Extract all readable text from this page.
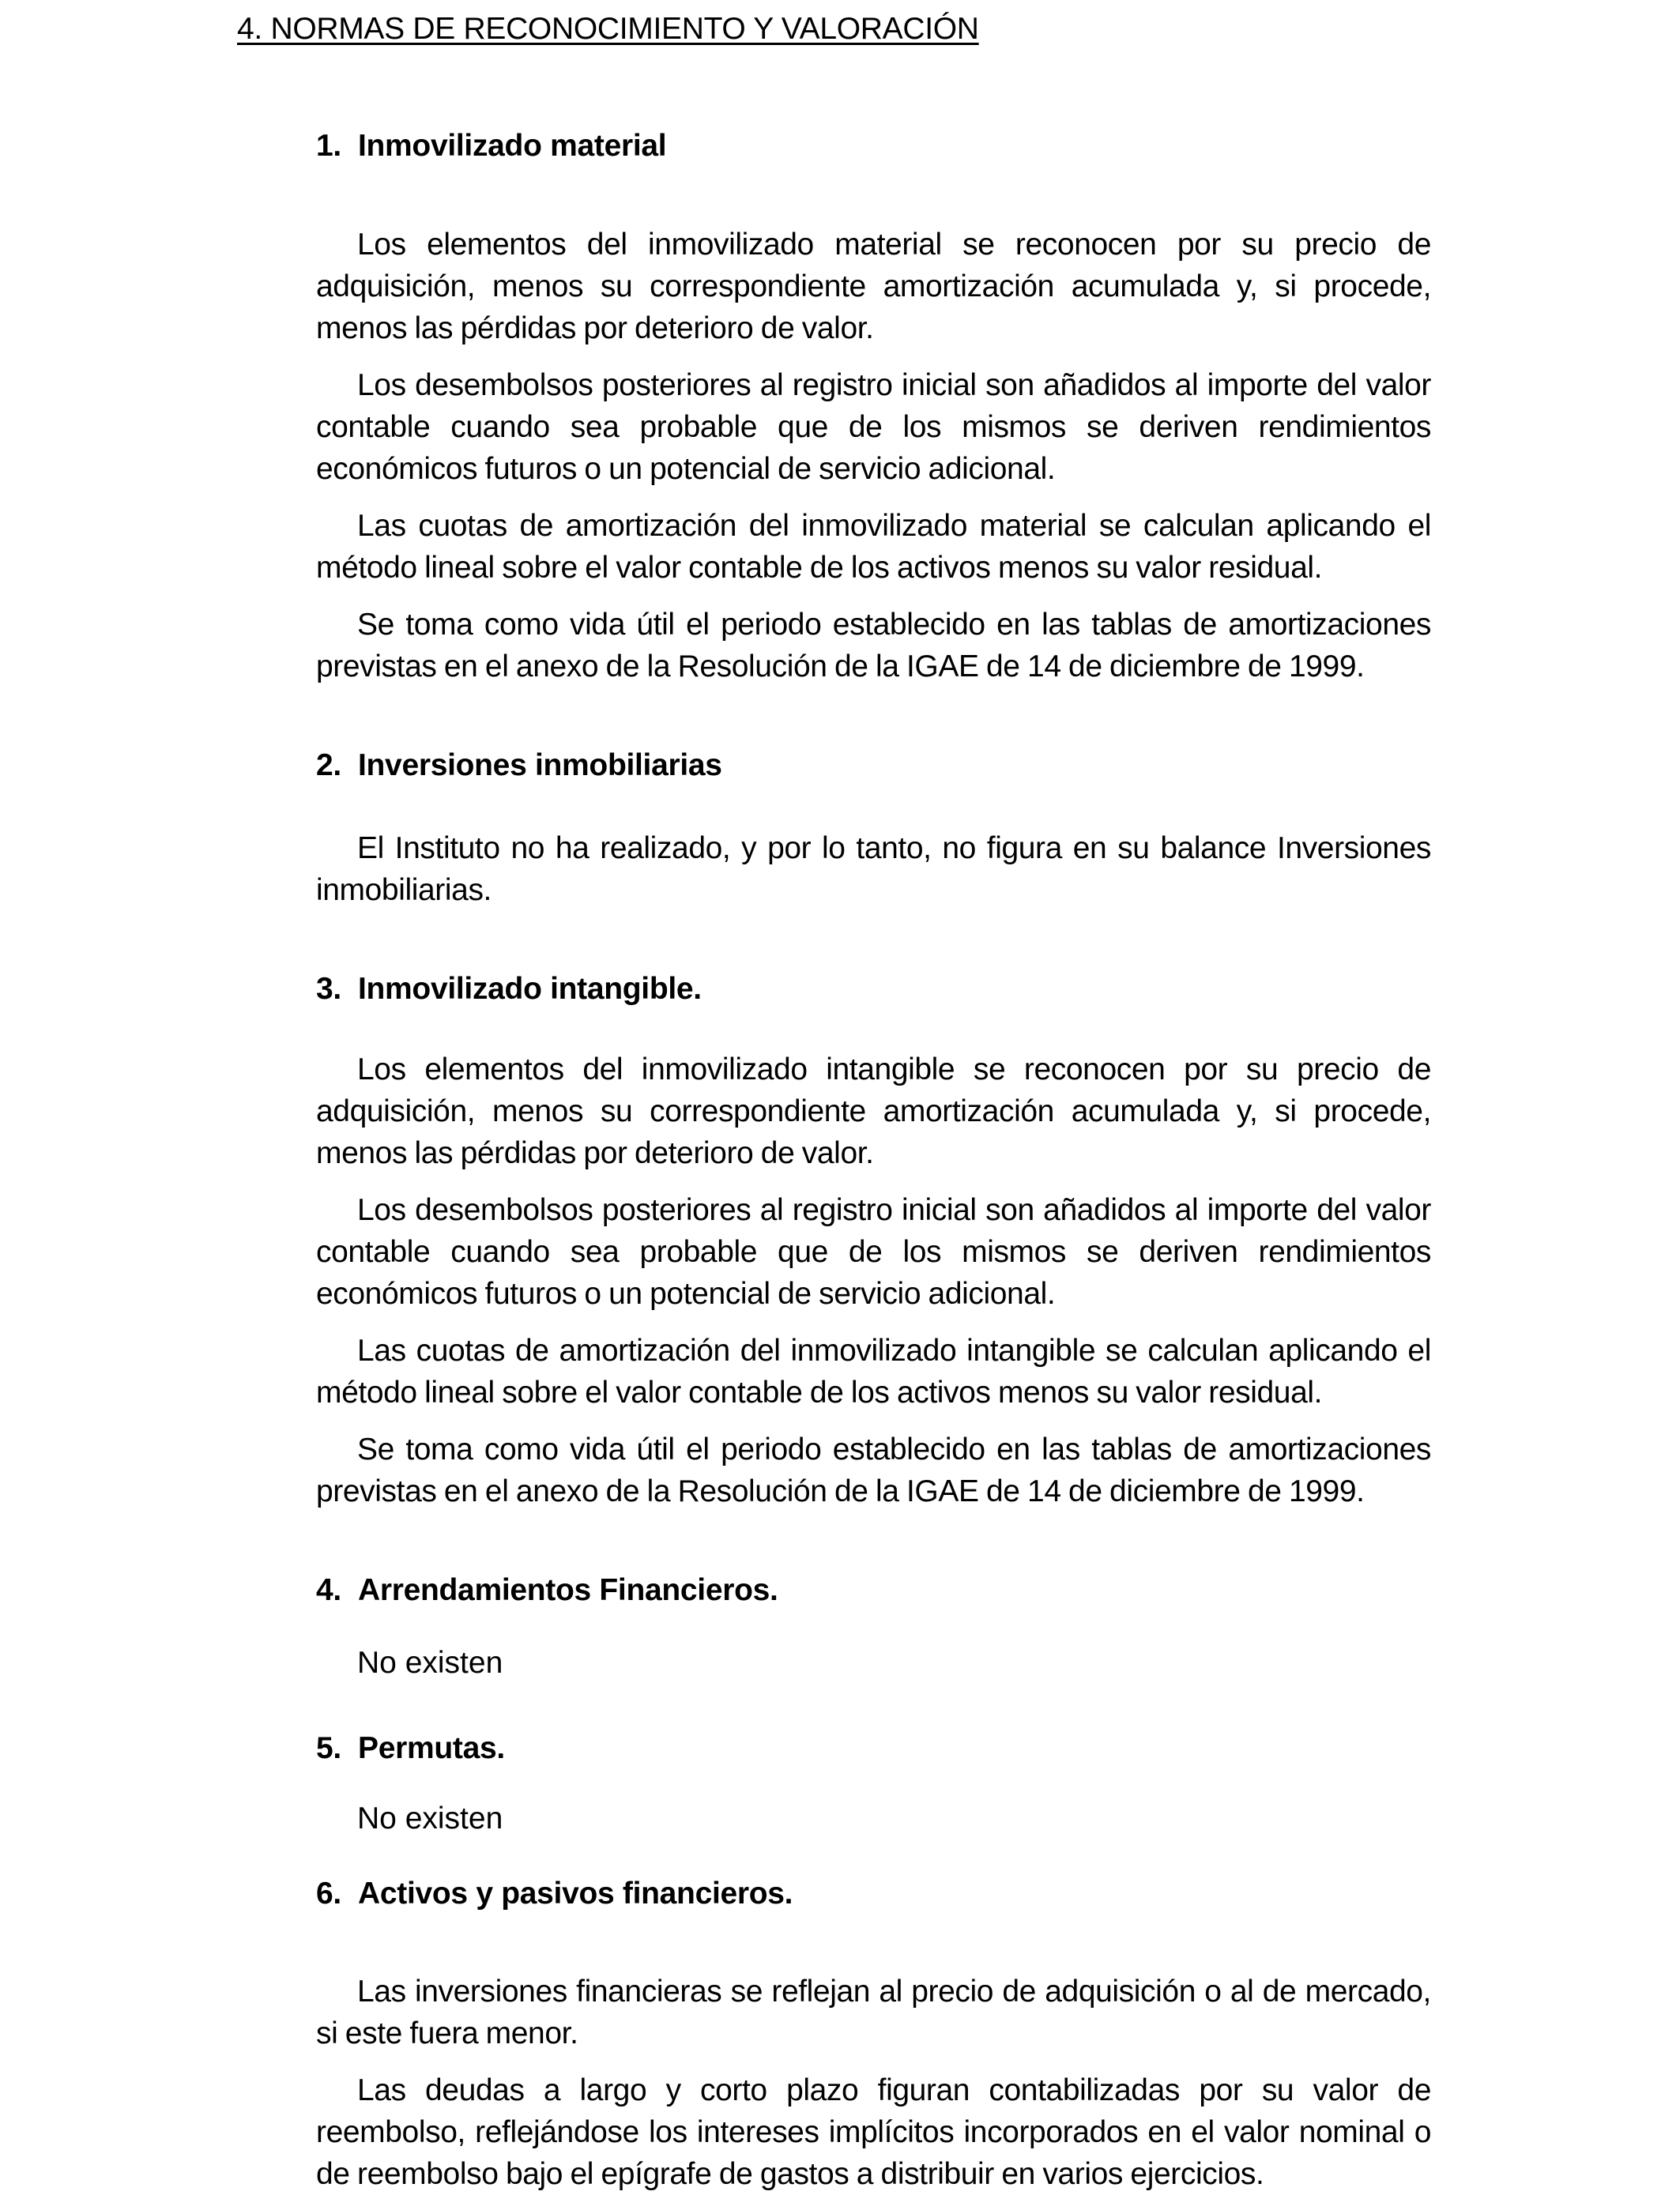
4. NORMAS DE RECONOCIMIENTO Y VALORACIÓN
1. Inmovilizado material

Los elementos del inmovilizado material se reconocen por su precio de adquisición, menos su correspondiente amortización acumulada y, si procede, menos las pérdidas por deterioro de valor.

Los desembolsos posteriores al registro inicial son añadidos al importe del valor contable cuando sea probable que de los mismos se deriven rendimientos económicos futuros o un potencial de servicio adicional.

Las cuotas de amortización del inmovilizado material se calculan aplicando el método lineal sobre el valor contable de los activos menos su valor residual.

Se toma como vida útil el periodo establecido en las tablas de amortizaciones previstas en el anexo de la Resolución de la IGAE de 14 de diciembre de 1999.

2. Inversiones inmobiliarias

El Instituto no ha realizado, y por lo tanto, no figura en su balance Inversiones inmobiliarias.

3. Inmovilizado intangible.

Los elementos del inmovilizado intangible se reconocen por su precio de adquisición, menos su correspondiente amortización acumulada y, si procede, menos las pérdidas por deterioro de valor.

Los desembolsos posteriores al registro inicial son añadidos al importe del valor contable cuando sea probable que de los mismos se deriven rendimientos económicos futuros o un potencial de servicio adicional.

Las cuotas de amortización del inmovilizado intangible se calculan aplicando el método lineal sobre el valor contable de los activos menos su valor residual.

Se toma como vida útil el periodo establecido en las tablas de amortizaciones previstas en el anexo de la Resolución de la IGAE de 14 de diciembre de 1999.

4. Arrendamientos Financieros.

No existen

5. Permutas.

No existen

6. Activos y pasivos financieros.

Las inversiones financieras se reflejan al precio de adquisición o al de mercado, si este fuera menor.

Las deudas a largo y corto plazo figuran contabilizadas por su valor de reembolso, reflejándose los intereses implícitos incorporados en el valor nominal o de reembolso bajo el epígrafe de gastos a distribuir en varios ejercicios.
